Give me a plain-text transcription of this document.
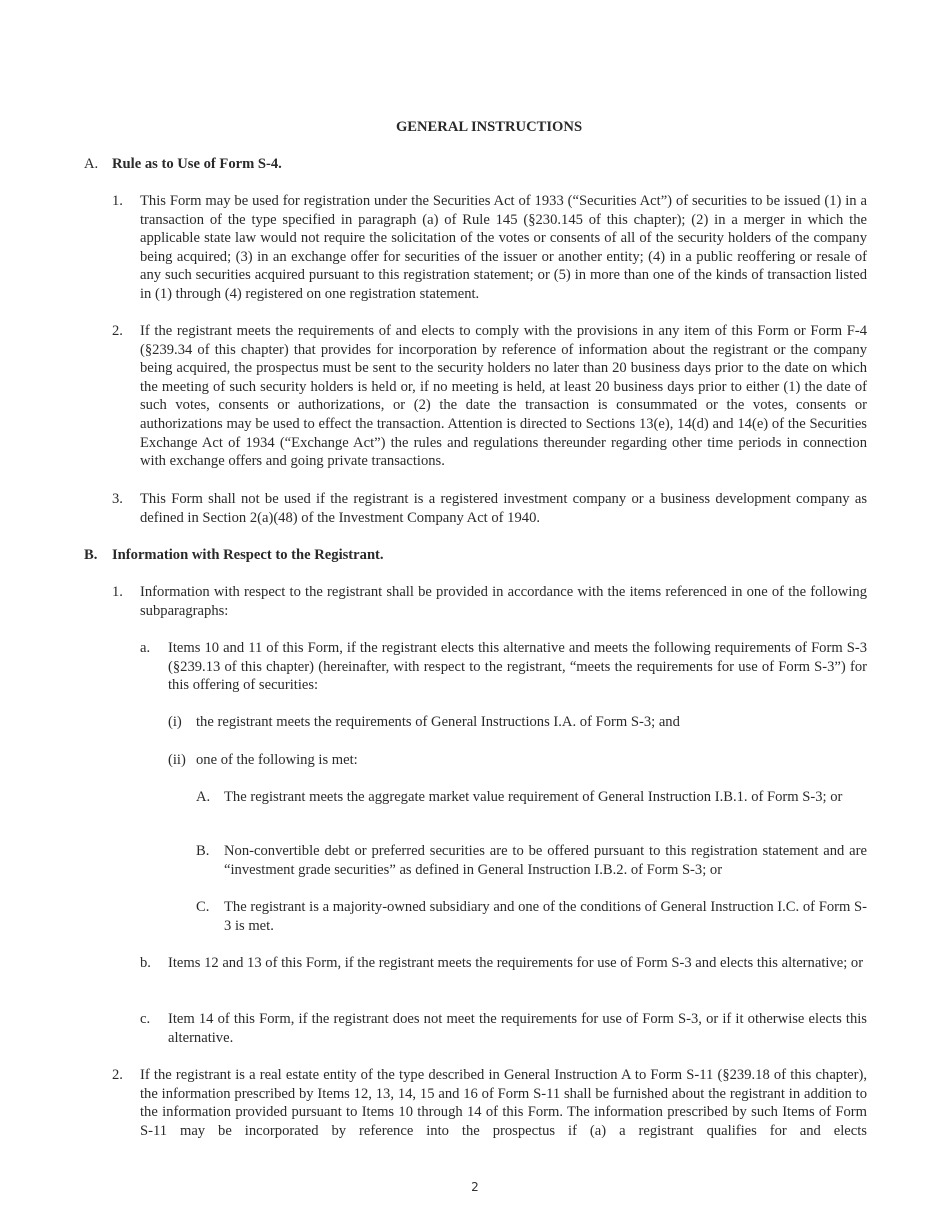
GENERAL INSTRUCTIONS
A. Rule as to Use of Form S-4.
1. This Form may be used for registration under the Securities Act of 1933 (“Securities Act”) of securities to be issued (1) in a transaction of the type specified in paragraph (a) of Rule 145 (§230.145 of this chapter); (2) in a merger in which the applicable state law would not require the solicitation of the votes or consents of all of the security holders of the company being acquired; (3) in an exchange offer for securities of the issuer or another entity; (4) in a public reoffering or resale of any such securities acquired pursuant to this registration statement; or (5) in more than one of the kinds of transaction listed in (1) through (4) registered on one registration statement.
2. If the registrant meets the requirements of and elects to comply with the provisions in any item of this Form or Form F-4 (§239.34 of this chapter) that provides for incorporation by reference of information about the registrant or the company being acquired, the prospectus must be sent to the security holders no later than 20 business days prior to the date on which the meeting of such security holders is held or, if no meeting is held, at least 20 business days prior to either (1) the date of such votes, consents or authorizations, or (2) the date the transaction is consummated or the votes, consents or authorizations may be used to effect the transaction. Attention is directed to Sections 13(e), 14(d) and 14(e) of the Securities Exchange Act of 1934 (“Exchange Act”) the rules and regulations thereunder regarding other time periods in connection with exchange offers and going private transactions.
3. This Form shall not be used if the registrant is a registered investment company or a business development company as defined in Section 2(a)(48) of the Investment Company Act of 1940.
B. Information with Respect to the Registrant.
1. Information with respect to the registrant shall be provided in accordance with the items referenced in one of the following subparagraphs:
a. Items 10 and 11 of this Form, if the registrant elects this alternative and meets the following requirements of Form S-3 (§239.13 of this chapter) (hereinafter, with respect to the registrant, “meets the requirements for use of Form S-3”) for this offering of securities:
(i) the registrant meets the requirements of General Instructions I.A. of Form S-3; and
(ii) one of the following is met:
A. The registrant meets the aggregate market value requirement of General Instruction I.B.1. of Form S-3; or
B. Non-convertible debt or preferred securities are to be offered pursuant to this registration statement and are “investment grade securities” as defined in General Instruction I.B.2. of Form S-3; or
C. The registrant is a majority-owned subsidiary and one of the conditions of General Instruction I.C. of Form S-3 is met.
b. Items 12 and 13 of this Form, if the registrant meets the requirements for use of Form S-3 and elects this alternative; or
c. Item 14 of this Form, if the registrant does not meet the requirements for use of Form S-3, or if it otherwise elects this alternative.
2. If the registrant is a real estate entity of the type described in General Instruction A to Form S-11 (§239.18 of this chapter), the information prescribed by Items 12, 13, 14, 15 and 16 of Form S-11 shall be furnished about the registrant in addition to the information provided pursuant to Items 10 through 14 of this Form. The information prescribed by such Items of Form S-11 may be incorporated by reference into the prospectus if (a) a registrant qualifies for and elects
2
